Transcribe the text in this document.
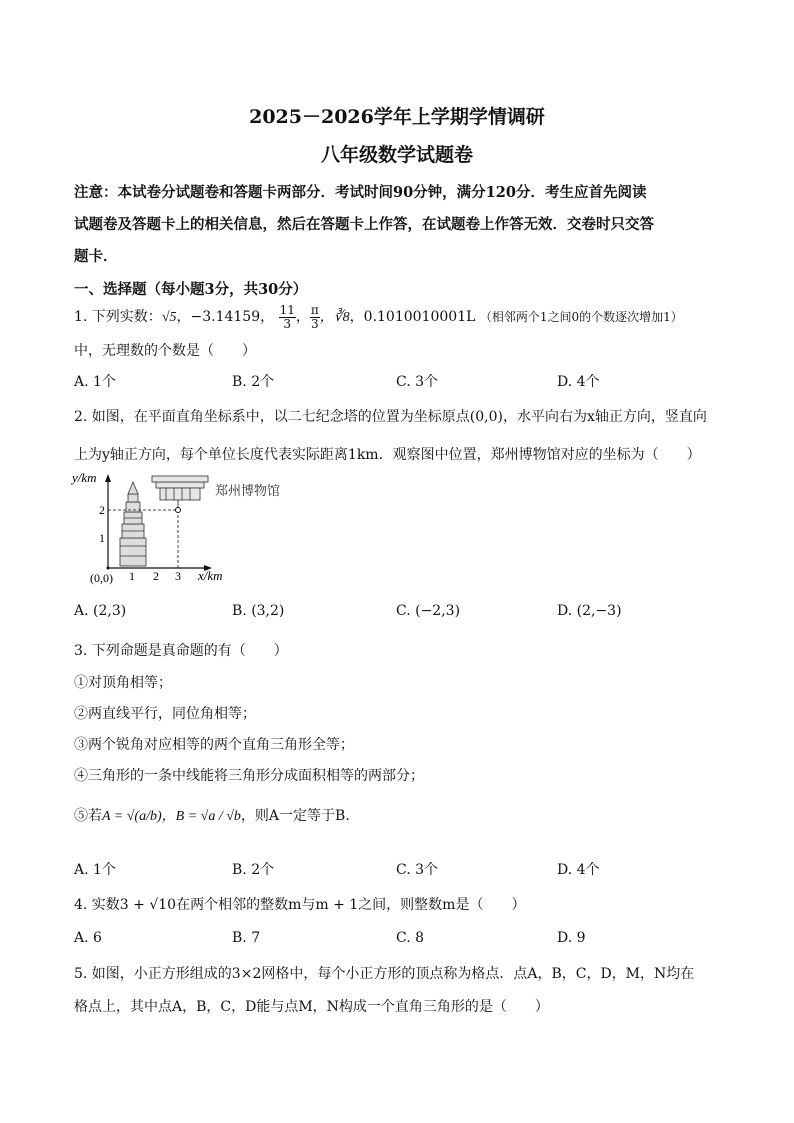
2025－2026学年上学期学情调研
八年级数学试题卷
注意：本试卷分试题卷和答题卡两部分．考试时间90分钟，满分120分．考生应首先阅读
试题卷及答题卡上的相关信息，然后在答题卡上作答，在试题卷上作答无效．交卷时只交答
题卡．
一、选择题（每小题3分，共30分）
1. 下列实数：√5，−3.14159， $\frac{11}{3}$ ， $\frac{\pi}{3}$ ，∛8，0.1010010001L （相邻两个1之间0的个数逐次增加1）
中，无理数的个数是（　　）
A. 1个	B. 2个	C. 3个	D. 4个
2. 如图，在平面直角坐标系中，以二七纪念塔的位置为坐标原点(0,0)，水平向右为x轴正方向，竖直向
上为y轴正方向，每个单位长度代表实际距离1km．观察图中位置，郑州博物馆对应的坐标为（　　）
郑州博物馆
y/km
x/km
(0,0) 1 2 3
1
2
A. (2,3)	B. (3,2)	C. (−2,3)	D. (2,−3)
3. 下列命题是真命题的有（　　）
①对顶角相等；
②两直线平行，同位角相等；
③两个锐角对应相等的两个直角三角形全等；
④三角形的一条中线能将三角形分成面积相等的两部分；
⑤若A = √(a/b)，B = √a / √b，则A一定等于B．
A. 1个	B. 2个	C. 3个	D. 4个
4. 实数3 + √10在两个相邻的整数m与m + 1之间，则整数m是（　　）
A. 6	B. 7	C. 8	D. 9
5. 如图，小正方形组成的3×2网格中，每个小正方形的顶点称为格点．点A，B，C，D，M，N均在
格点上，其中点A，B，C，D能与点M，N构成一个直角三角形的是（　　）
